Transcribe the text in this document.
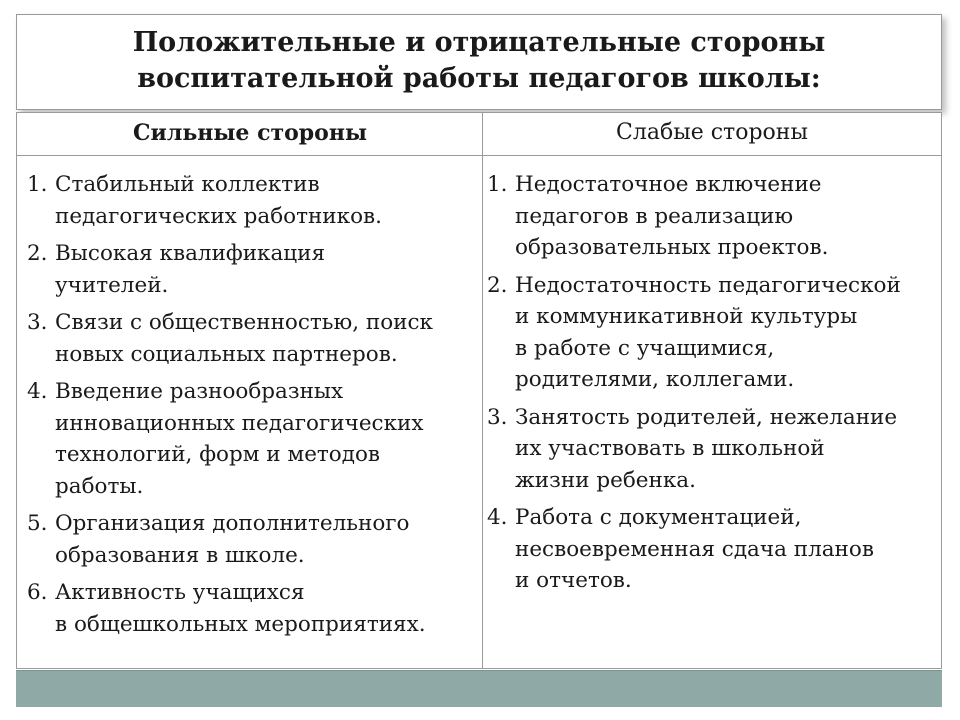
Положительные и отрицательные стороны
воспитательной работы педагогов школы:
Сильные стороны	Слабые стороны
1. Стабильный коллектив
педагогических работников.
2. Высокая квалификация
учителей.
3. Связи с общественностью, поиск
новых социальных партнеров.
4. Введение разнообразных
инновационных педагогических
технологий, форм и методов
работы.
5. Организация дополнительного
образования в школе.
6. Активность учащихся
в общешкольных мероприятиях.
1. Недостаточное включение
педагогов в реализацию
образовательных проектов.
2. Недостаточность педагогической
и коммуникативной культуры
в работе с учащимися,
родителями, коллегами.
3. Занятость родителей, нежелание
их участвовать в школьной
жизни ребенка.
4. Работа с документацией,
несвоевременная сдача планов
и отчетов.
